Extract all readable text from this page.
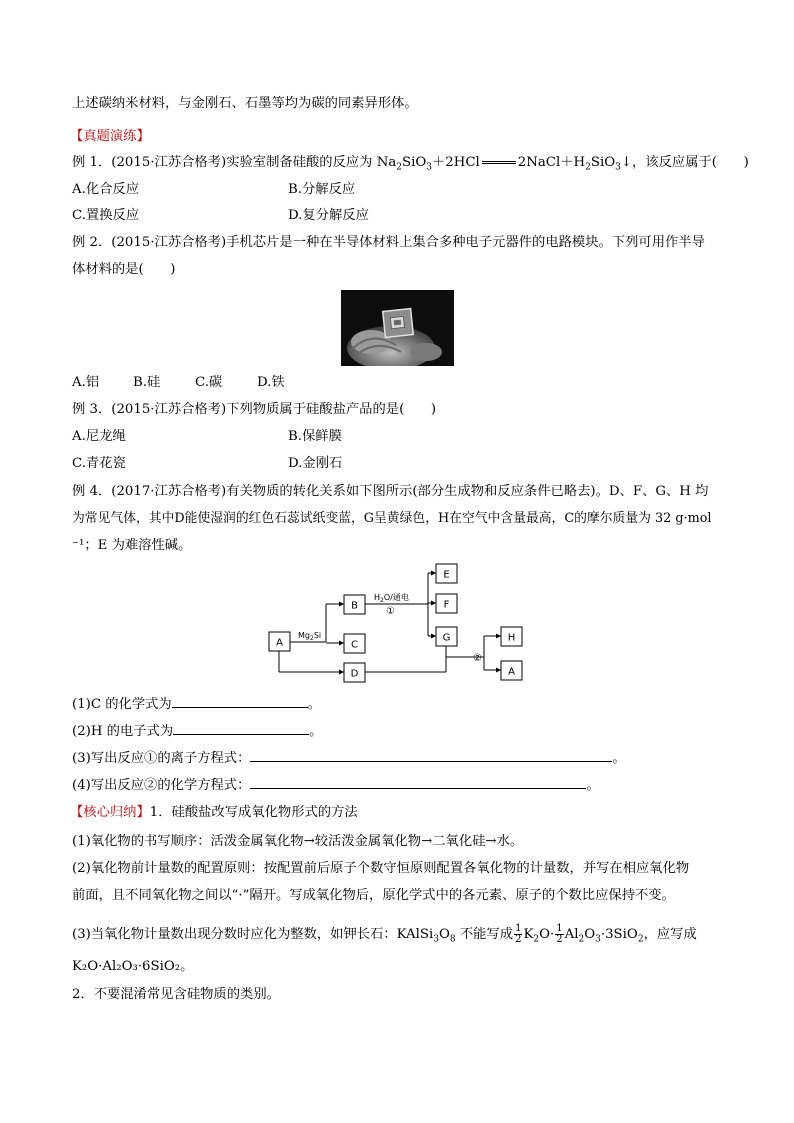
上述碳纳米材料，与金刚石、石墨等均为碳的同素异形体。
【真题演练】
例 1．(2015·江苏合格考)实验室制备硅酸的反应为 $Na_2SiO_3+2HCl$	$2NaCl+H_2SiO_3↓$，该反应属于(　　)
A.化合反应	B.分解反应
C.置换反应	D.复分解反应
例 2．(2015·江苏合格考)手机芯片是一种在半导体材料上集合多种电子元器件的电路模块。下列可用作半导
体材料的是(　　)
A.铝	B.硅	C.碳	D.铁
例 3．(2015·江苏合格考)下列物质属于硅酸盐产品的是(　　)
A.尼龙绳	B.保鲜膜
C.青花瓷	D.金刚石
例 4．(2017·江苏合格考)有关物质的转化关系如下图所示(部分生成物和反应条件已略去)。D、F、G、H 均
为常见气体，其中D能使湿润的红色石蕊试纸变蓝，G呈黄绿色，H在空气中含量最高，C的摩尔质量为 32 g·mol
⁻¹；E 为难溶性碱。
A
B
C
D
E
F
G	H
A
$Mg_2Si$
$H_2O/$通电
①
②
(1)C 的化学式为	。
(2)H 的电子式为	。
(3)写出反应①的离子方程式：	。
(4)写出反应②的化学方程式：	。
【核心归纳】1．硅酸盐改写成氧化物形式的方法
(1)氧化物的书写顺序：活泼金属氧化物→较活泼金属氧化物→二氧化硅→水。
(2)氧化物前计量数的配置原则：按配置前后原子个数守恒原则配置各氧化物的计量数，并写在相应氧化物
前面，且不同氧化物之间以“·”隔开。写成氧化物后，原化学式中的各元素、原子的个数比应保持不变。
(3)当氧化物计量数出现分数时应化为整数，如钾长石：$KAlSi_3O_8$ 不能写成 $\frac{1}{2} K_2O\cdot \frac{1}{2} Al_2O_3\cdot 3SiO_2$，应写成
K₂O·Al₂O₃·6SiO₂。
2．不要混淆常见含硅物质的类别。
